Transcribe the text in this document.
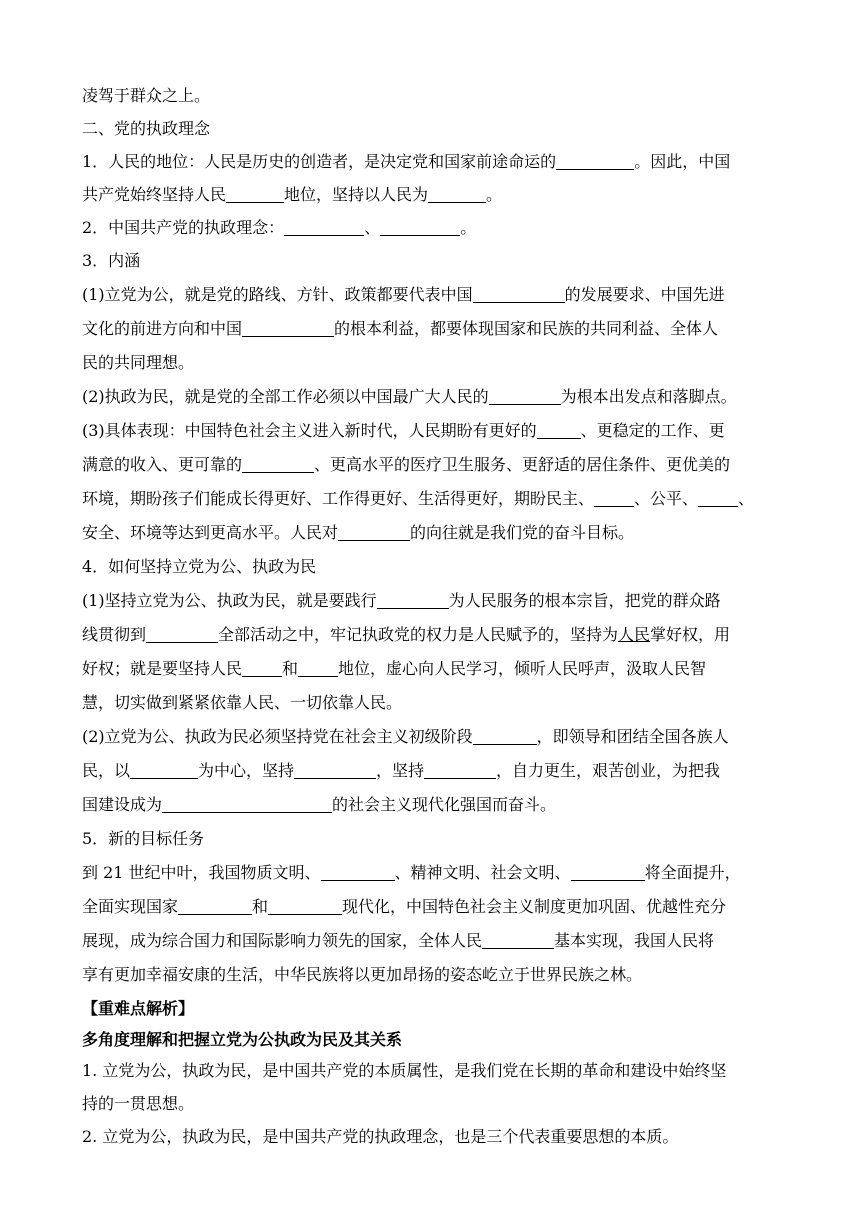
凌驾于群众之上。
二、党的执政理念
1．人民的地位：人民是历史的创造者，是决定党和国家前途命运的	。因此，中国
共产党始终坚持人民	地位，坚持以人民为	。
2．中国共产党的执政理念：	、	。
3．内涵
(1)立党为公，就是党的路线、方针、政策都要代表中国	的发展要求、中国先进
文化的前进方向和中国	的根本利益，都要体现国家和民族的共同利益、全体人
民的共同理想。
(2)执政为民，就是党的全部工作必须以中国最广大人民的	为根本出发点和落脚点。
(3)具体表现：中国特色社会主义进入新时代，人民期盼有更好的	、更稳定的工作、更
满意的收入、更可靠的	、更高水平的医疗卫生服务、更舒适的居住条件、更优美的
环境，期盼孩子们能成长得更好、工作得更好、生活得更好，期盼民主、	、公平、	、
安全、环境等达到更高水平。人民对	的向往就是我们党的奋斗目标。
4．如何坚持立党为公、执政为民
(1)坚持立党为公、执政为民，就是要践行	为人民服务的根本宗旨，把党的群众路
线贯彻到	全部活动之中，牢记执政党的权力是人民赋予的，坚持为人民掌好权，用
好权；就是要坚持人民	和	地位，虚心向人民学习，倾听人民呼声，汲取人民智
慧，切实做到紧紧依靠人民、一切依靠人民。
(2)立党为公、执政为民必须坚持党在社会主义初级阶段	，即领导和团结全国各族人
民，以	为中心，坚持	，坚持	，自力更生，艰苦创业，为把我
国建设成为	的社会主义现代化强国而奋斗。
5．新的目标任务
到 21 世纪中叶，我国物质文明、	、精神文明、社会文明、	将全面提升，
全面实现国家	和	现代化，中国特色社会主义制度更加巩固、优越性充分
展现，成为综合国力和国际影响力领先的国家，全体人民	基本实现，我国人民将
享有更加幸福安康的生活，中华民族将以更加昂扬的姿态屹立于世界民族之林。
【重难点解析】
多角度理解和把握立党为公执政为民及其关系
1. 立党为公，执政为民，是中国共产党的本质属性，是我们党在长期的革命和建设中始终坚
持的一贯思想。
2. 立党为公，执政为民，是中国共产党的执政理念，也是三个代表重要思想的本质。
